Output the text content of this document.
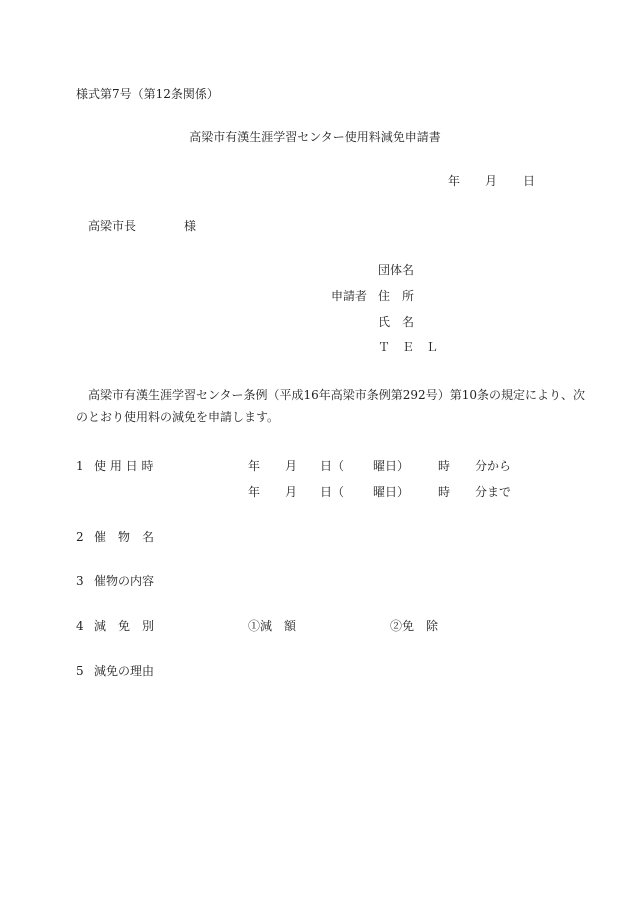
様式第7号（第12条関係）
高梁市有漢生涯学習センター使用料減免申請書
年 月 日
高梁市長	様
団体名
申請者 住　所
氏　名
Ｔ　Ｅ　Ｌ
高梁市有漢生涯学習センター条例（平成16年高梁市条例第292号）第10条の規定により、次
のとおり使用料の減免を申請します。
1 使 用 日 時	年 月 日（ 曜日） 時 分から
年 月 日（ 曜日） 時 分まで
2 催　物　名
3 催物の内容
4 減　免　別	①減　額	②免　除
5 減免の理由
